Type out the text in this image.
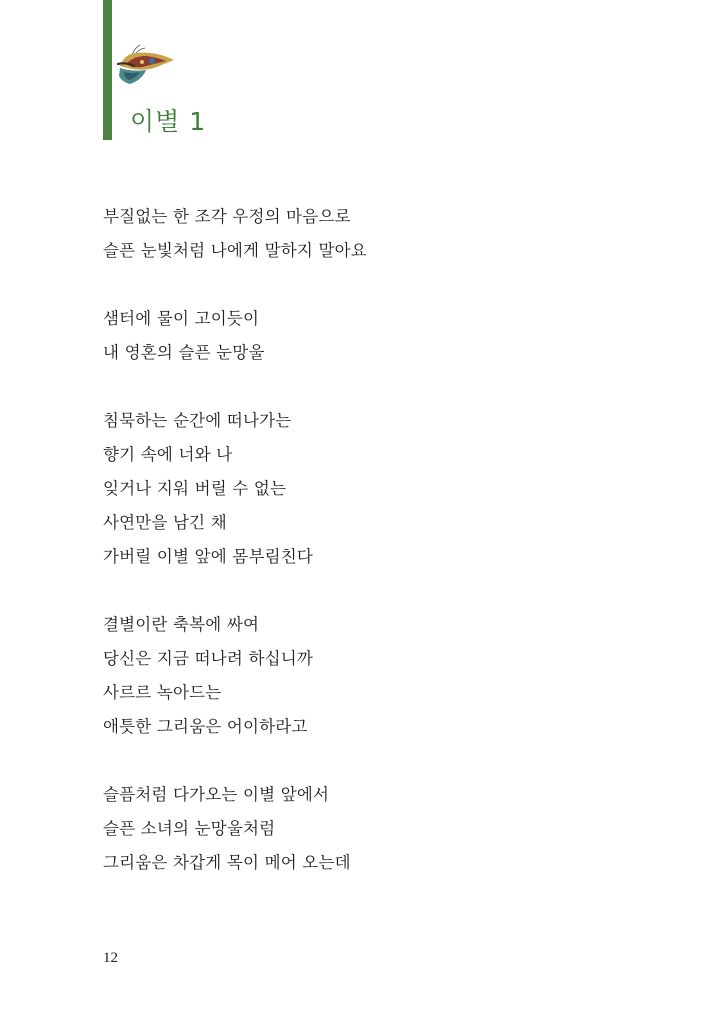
이별 1
부질없는 한 조각 우정의 마음으로
슬픈 눈빛처럼 나에게 말하지 말아요
샘터에 물이 고이듯이
내 영혼의 슬픈 눈망울
침묵하는 순간에 떠나가는
향기 속에 너와 나
잊거나 지워 버릴 수 없는
사연만을 남긴 채
가버릴 이별 앞에 몸부림친다
결별이란 축복에 싸여
당신은 지금 떠나려 하십니까
사르르 녹아드는
애틋한 그리움은 어이하라고
슬픔처럼 다가오는 이별 앞에서
슬픈 소녀의 눈망울처럼
그리움은 차갑게 목이 메어 오는데
12
